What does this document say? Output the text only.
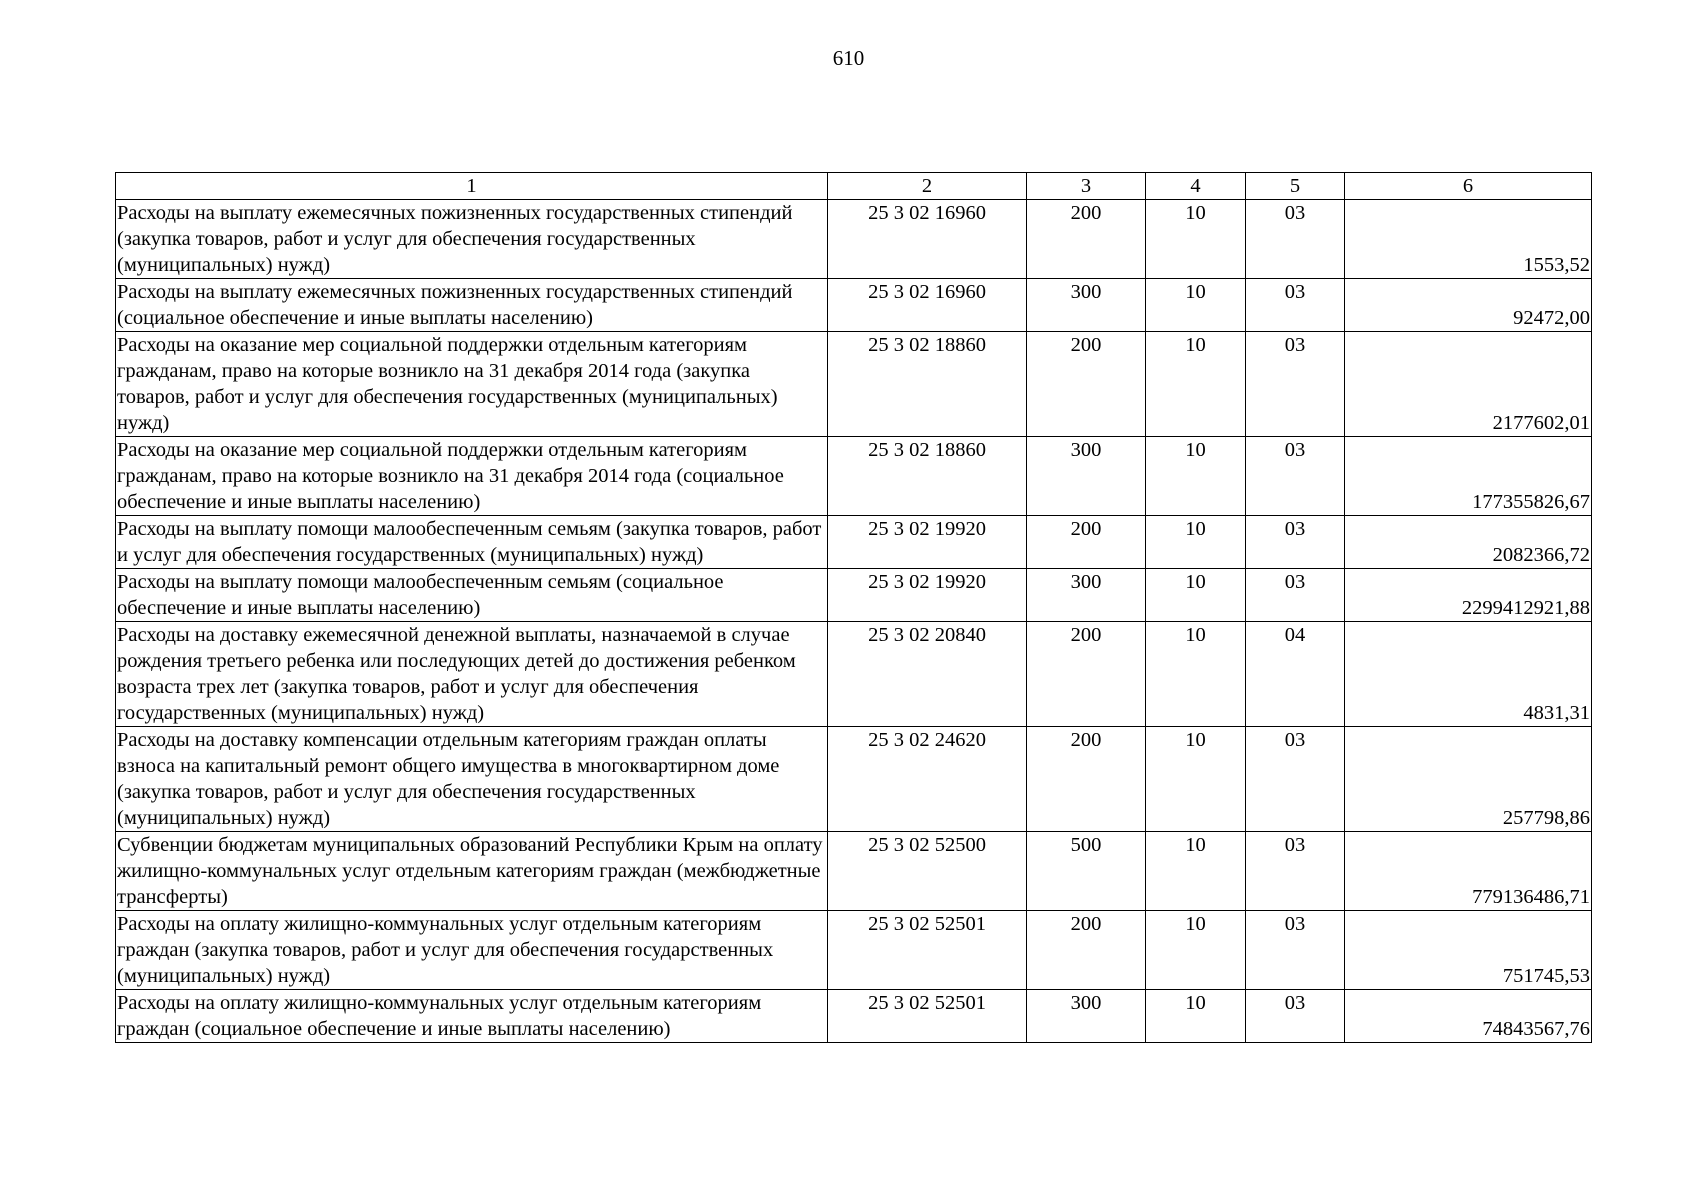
610
1	2	3	4	5	6
Расходы на выплату ежемесячных пожизненных государственных стипендий (закупка товаров, работ и услуг для обеспечения государственных (муниципальных) нужд)	25 3 02 16960	200	10	03	1553,52
Расходы на выплату ежемесячных пожизненных государственных стипендий (социальное обеспечение и иные выплаты населению)	25 3 02 16960	300	10	03	92472,00
Расходы на оказание мер социальной поддержки отдельным категориям гражданам, право на которые возникло на 31 декабря 2014 года (закупка товаров, работ и услуг для обеспечения государственных (муниципальных) нужд)	25 3 02 18860	200	10	03	2177602,01
Расходы на оказание мер социальной поддержки отдельным категориям гражданам, право на которые возникло на 31 декабря 2014 года (социальное обеспечение и иные выплаты населению)	25 3 02 18860	300	10	03	177355826,67
Расходы на выплату помощи малообеспеченным семьям (закупка товаров, работ и услуг для обеспечения государственных (муниципальных) нужд)	25 3 02 19920	200	10	03	2082366,72
Расходы на выплату помощи малообеспеченным семьям (социальное обеспечение и иные выплаты населению)	25 3 02 19920	300	10	03	2299412921,88
Расходы на доставку ежемесячной денежной выплаты, назначаемой в случае рождения третьего ребенка или последующих детей до достижения ребенком возраста трех лет (закупка товаров, работ и услуг для обеспечения государственных (муниципальных) нужд)	25 3 02 20840	200	10	04	4831,31
Расходы на доставку компенсации отдельным категориям граждан оплаты взноса на капитальный ремонт общего имущества в многоквартирном доме (закупка товаров, работ и услуг для обеспечения государственных (муниципальных) нужд)	25 3 02 24620	200	10	03	257798,86
Субвенции бюджетам муниципальных образований Республики Крым на оплату жилищно-коммунальных услуг отдельным категориям граждан (межбюджетные трансферты)	25 3 02 52500	500	10	03	779136486,71
Расходы на оплату жилищно-коммунальных услуг отдельным категориям граждан (закупка товаров, работ и услуг для обеспечения государственных (муниципальных) нужд)	25 3 02 52501	200	10	03	751745,53
Расходы на оплату жилищно-коммунальных услуг отдельным категориям граждан (социальное обеспечение и иные выплаты населению)	25 3 02 52501	300	10	03	74843567,76
